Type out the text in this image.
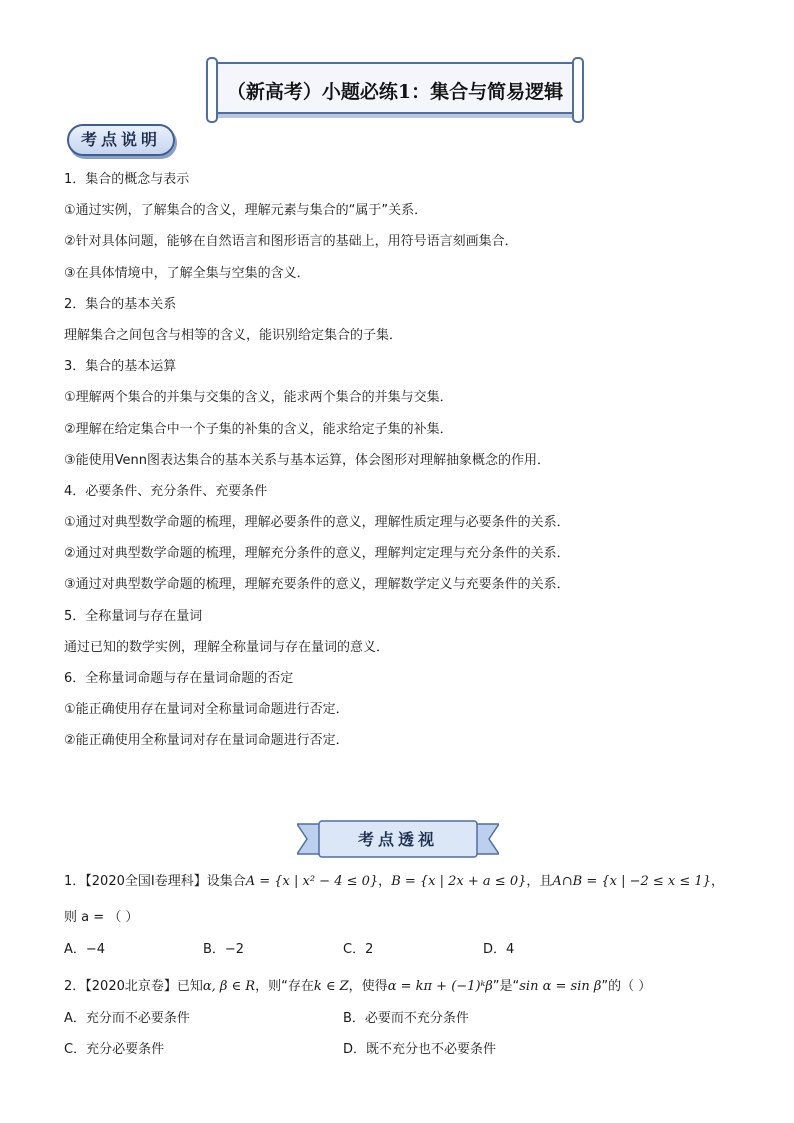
（新高考）小题必练1：集合与简易逻辑
考点说明
1．集合的概念与表示
①通过实例，了解集合的含义，理解元素与集合的“属于”关系．
②针对具体问题，能够在自然语言和图形语言的基础上，用符号语言刻画集合．
③在具体情境中，了解全集与空集的含义．
2．集合的基本关系
理解集合之间包含与相等的含义，能识别给定集合的子集．
3．集合的基本运算
①理解两个集合的并集与交集的含义，能求两个集合的并集与交集．
②理解在给定集合中一个子集的补集的含义，能求给定子集的补集．
③能使用Venn图表达集合的基本关系与基本运算，体会图形对理解抽象概念的作用．
4．必要条件、充分条件、充要条件
①通过对典型数学命题的梳理，理解必要条件的意义，理解性质定理与必要条件的关系．
②通过对典型数学命题的梳理，理解充分条件的意义，理解判定定理与充分条件的关系．
③通过对典型数学命题的梳理，理解充要条件的意义，理解数学定义与充要条件的关系．
5．全称量词与存在量词
通过已知的数学实例，理解全称量词与存在量词的意义．
6．全称量词命题与存在量词命题的否定
①能正确使用存在量词对全称量词命题进行否定．
②能正确使用全称量词对存在量词命题进行否定．
考点透视
1．【2020全国Ⅰ卷理科】设集合A = {x | x² − 4 ≤ 0}，B = {x | 2x + a ≤ 0}，且A∩B = {x | −2 ≤ x ≤ 1}，
则 a = （ ）
A．−4	B．−2	C．2	D．4
2．【2020北京卷】已知α, β ∈ R，则“存在k ∈ Z，使得α = kπ + (−1)ᵏβ”是“sin α = sin β”的（ ）
A．充分而不必要条件	B．必要而不充分条件
C．充分必要条件	D．既不充分也不必要条件
